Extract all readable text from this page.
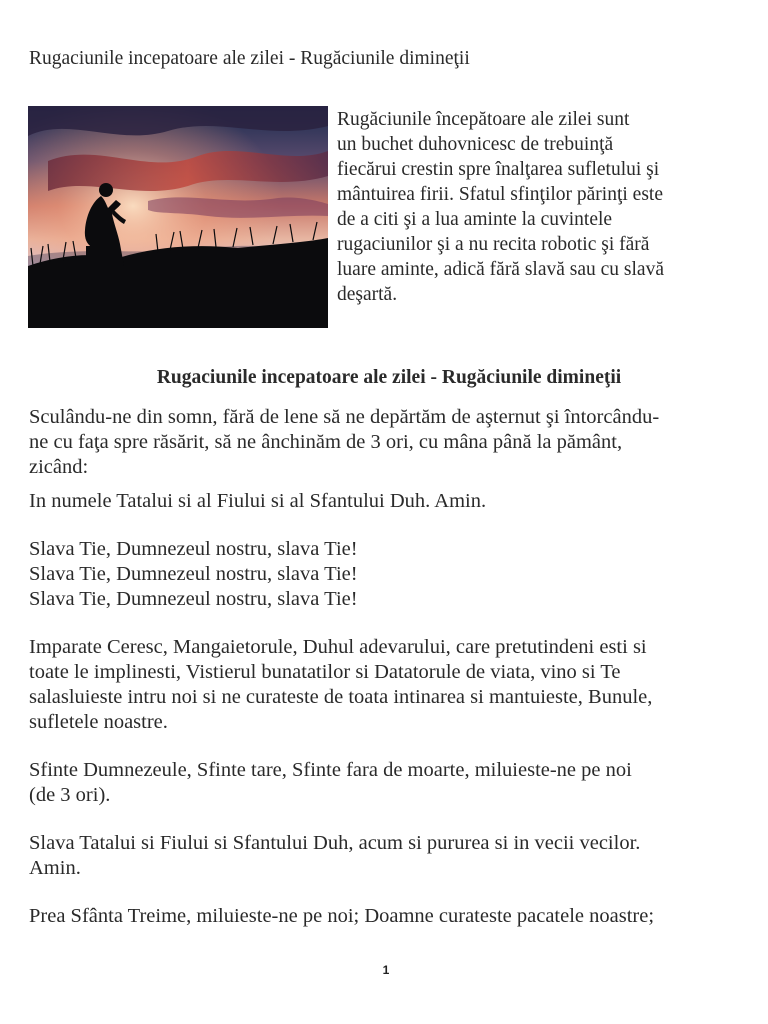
Rugaciunile incepatoare ale zilei - Rugăciunile dimineţii

Rugăciunile începătoare ale zilei sunt
un buchet duhovnicesc de trebuinţă
fiecărui crestin spre înalţarea sufletului şi
mântuirea firii. Sfatul sfinţilor părinţi este
de a citi şi a lua aminte la cuvintele
rugaciunilor şi a nu recita robotic şi fără
luare aminte, adică fără slavă sau cu slavă
deşartă.

Rugaciunile incepatoare ale zilei - Rugăciunile dimineţii

Sculându-ne din somn, fără de lene să ne depărtăm de aşternut şi întorcându-
ne cu faţa spre răsărit, să ne ânchinăm de 3 ori, cu mâna până la pământ,
zicând:

In numele Tatalui si al Fiului si al Sfantului Duh. Amin.

Slava Tie, Dumnezeul nostru, slava Tie!
Slava Tie, Dumnezeul nostru, slava Tie!
Slava Tie, Dumnezeul nostru, slava Tie!

Imparate Ceresc, Mangaietorule, Duhul adevarului, care pretutindeni esti si
toate le implinesti, Vistierul bunatatilor si Datatorule de viata, vino si Te
salasluieste intru noi si ne curateste de toata intinarea si mantuieste, Bunule,
sufletele noastre.

Sfinte Dumnezeule, Sfinte tare, Sfinte fara de moarte, miluieste-ne pe noi
(de 3 ori).

Slava Tatalui si Fiului si Sfantului Duh, acum si pururea si in vecii vecilor.
Amin.

Prea Sfânta Treime, miluieste-ne pe noi; Doamne curateste pacatele noastre;

1
